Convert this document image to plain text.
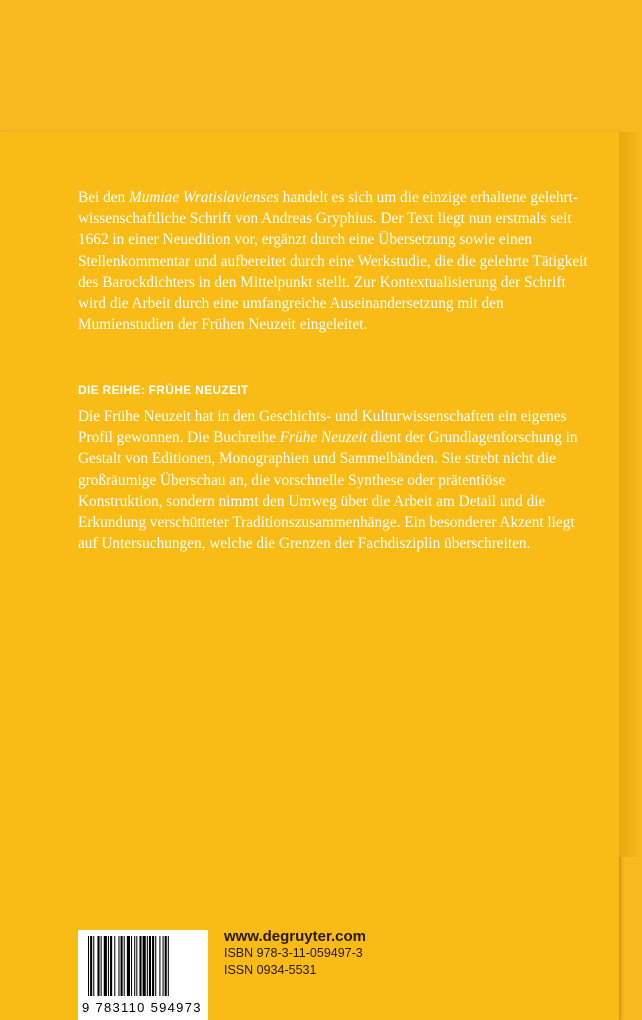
Bei den Mumiae Wratislavienses handelt es sich um die einzige erhaltene gelehrt-wissenschaftliche Schrift von Andreas Gryphius. Der Text liegt nun erstmals seit 1662 in einer Neuedition vor, ergänzt durch eine Übersetzung sowie einen Stellenkommentar und aufbereitet durch eine Werkstudie, die die gelehrte Tätigkeit des Barockdichters in den Mittelpunkt stellt. Zur Kontextualisierung der Schrift wird die Arbeit durch eine umfangreiche Auseinandersetzung mit den Mumienstudien der Frühen Neuzeit eingeleitet.
DIE REIHE: FRÜHE NEUZEIT
Die Frühe Neuzeit hat in den Geschichts- und Kulturwissenschaften ein eigenes Profil gewonnen. Die Buchreihe Frühe Neuzeit dient der Grundlagenforschung in Gestalt von Editionen, Monographien und Sammelbänden. Sie strebt nicht die großräumige Überschau an, die vorschnelle Synthese oder prätentiöse Konstruktion, sondern nimmt den Umweg über die Arbeit am Detail und die Erkundung verschütteter Traditionszusammenhänge. Ein besonderer Akzent liegt auf Untersuchungen, welche die Grenzen der Fachdisziplin überschreiten.
9 783110 594973
www.degruyter.com
ISBN 978-3-11-059497-3
ISSN 0934-5531
